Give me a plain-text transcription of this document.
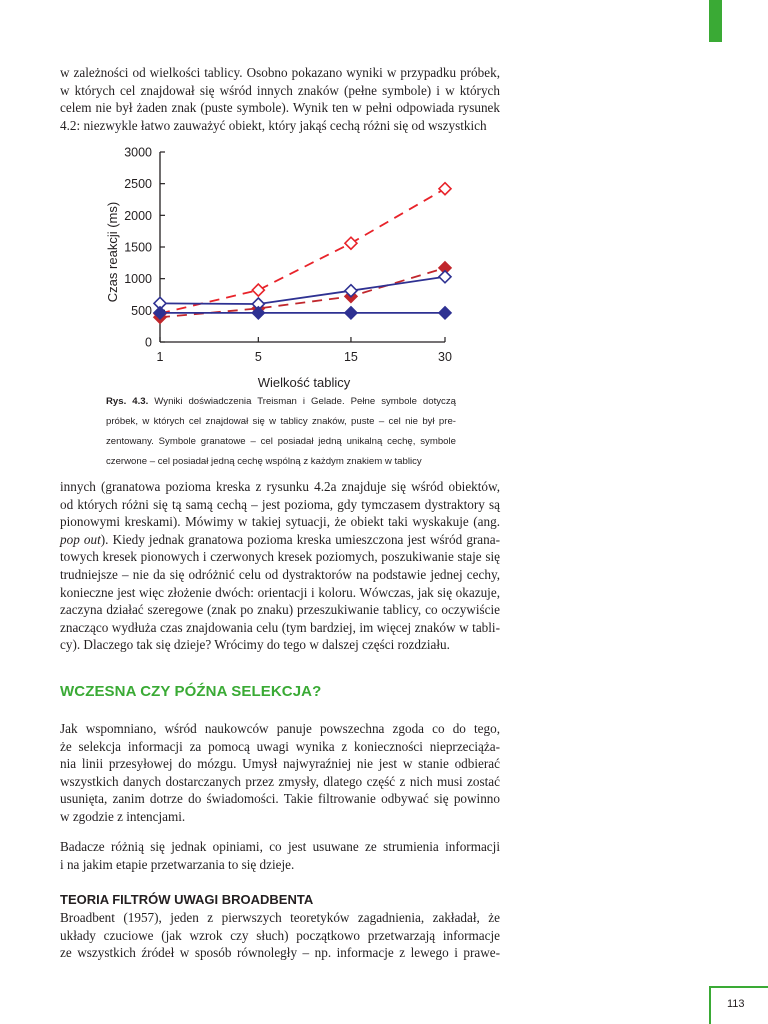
w zależności od wielkości tablicy. Osobno pokazano wyniki w przypadku próbek,
w których cel znajdował się wśród innych znaków (pełne symbole) i w których
celem nie był żaden znak (puste symbole). Wynik ten w pełni odpowiada rysunek
4.2: niezwykle łatwo zauważyć obiekt, który jakąś cechą różni się od wszystkich

0
500
1000
1500
2000
2500
3000
1	5	15	30
Czas reakcji (ms)
Wielkość tablicy
Rys. 4.3. Wyniki doświadczenia Treisman i Gelade. Pełne symbole dotyczą
próbek, w których cel znajdował się w tablicy znaków, puste – cel nie był pre-
zentowany. Symbole granatowe – cel posiadał jedną unikalną cechę, symbole
czerwone – cel posiadał jedną cechę wspólną z każdym znakiem w tablicy

innych (granatowa pozioma kreska z rysunku 4.2a znajduje się wśród obiektów,
od których różni się tą samą cechą – jest pozioma, gdy tymczasem dystraktory są
pionowymi kreskami). Mówimy w takiej sytuacji, że obiekt taki wyskakuje (ang.
pop out). Kiedy jednak granatowa pozioma kreska umieszczona jest wśród grana-
towych kresek pionowych i czerwonych kresek poziomych, poszukiwanie staje się
trudniejsze – nie da się odróżnić celu od dystraktorów na podstawie jednej cechy,
konieczne jest więc złożenie dwóch: orientacji i koloru. Wówczas, jak się okazuje,
zaczyna działać szeregowe (znak po znaku) przeszukiwanie tablicy, co oczywiście
znacząco wydłuża czas znajdowania celu (tym bardziej, im więcej znaków w tabli-
cy). Dlaczego tak się dzieje? Wrócimy do tego w dalszej części rozdziału.

WCZESNA CZY PÓŹNA SELEKCJA?

Jak wspomniano, wśród naukowców panuje powszechna zgoda co do tego,
że selekcja informacji za pomocą uwagi wynika z konieczności nieprzeciąża-
nia linii przesyłowej do mózgu. Umysł najwyraźniej nie jest w stanie odbierać
wszystkich danych dostarczanych przez zmysły, dlatego część z nich musi zostać
usunięta, zanim dotrze do świadomości. Takie filtrowanie odbywać się powinno
w zgodzie z intencjami.

Badacze różnią się jednak opiniami, co jest usuwane ze strumienia informacji
i na jakim etapie przetwarzania to się dzieje.

TEORIA FILTRÓW UWAGI BROADBENTA

Broadbent (1957), jeden z pierwszych teoretyków zagadnienia, zakładał, że
układy czuciowe (jak wzrok czy słuch) początkowo przetwarzają informacje
ze wszystkich źródeł w sposób równoległy – np. informacje z lewego i prawe-

113
